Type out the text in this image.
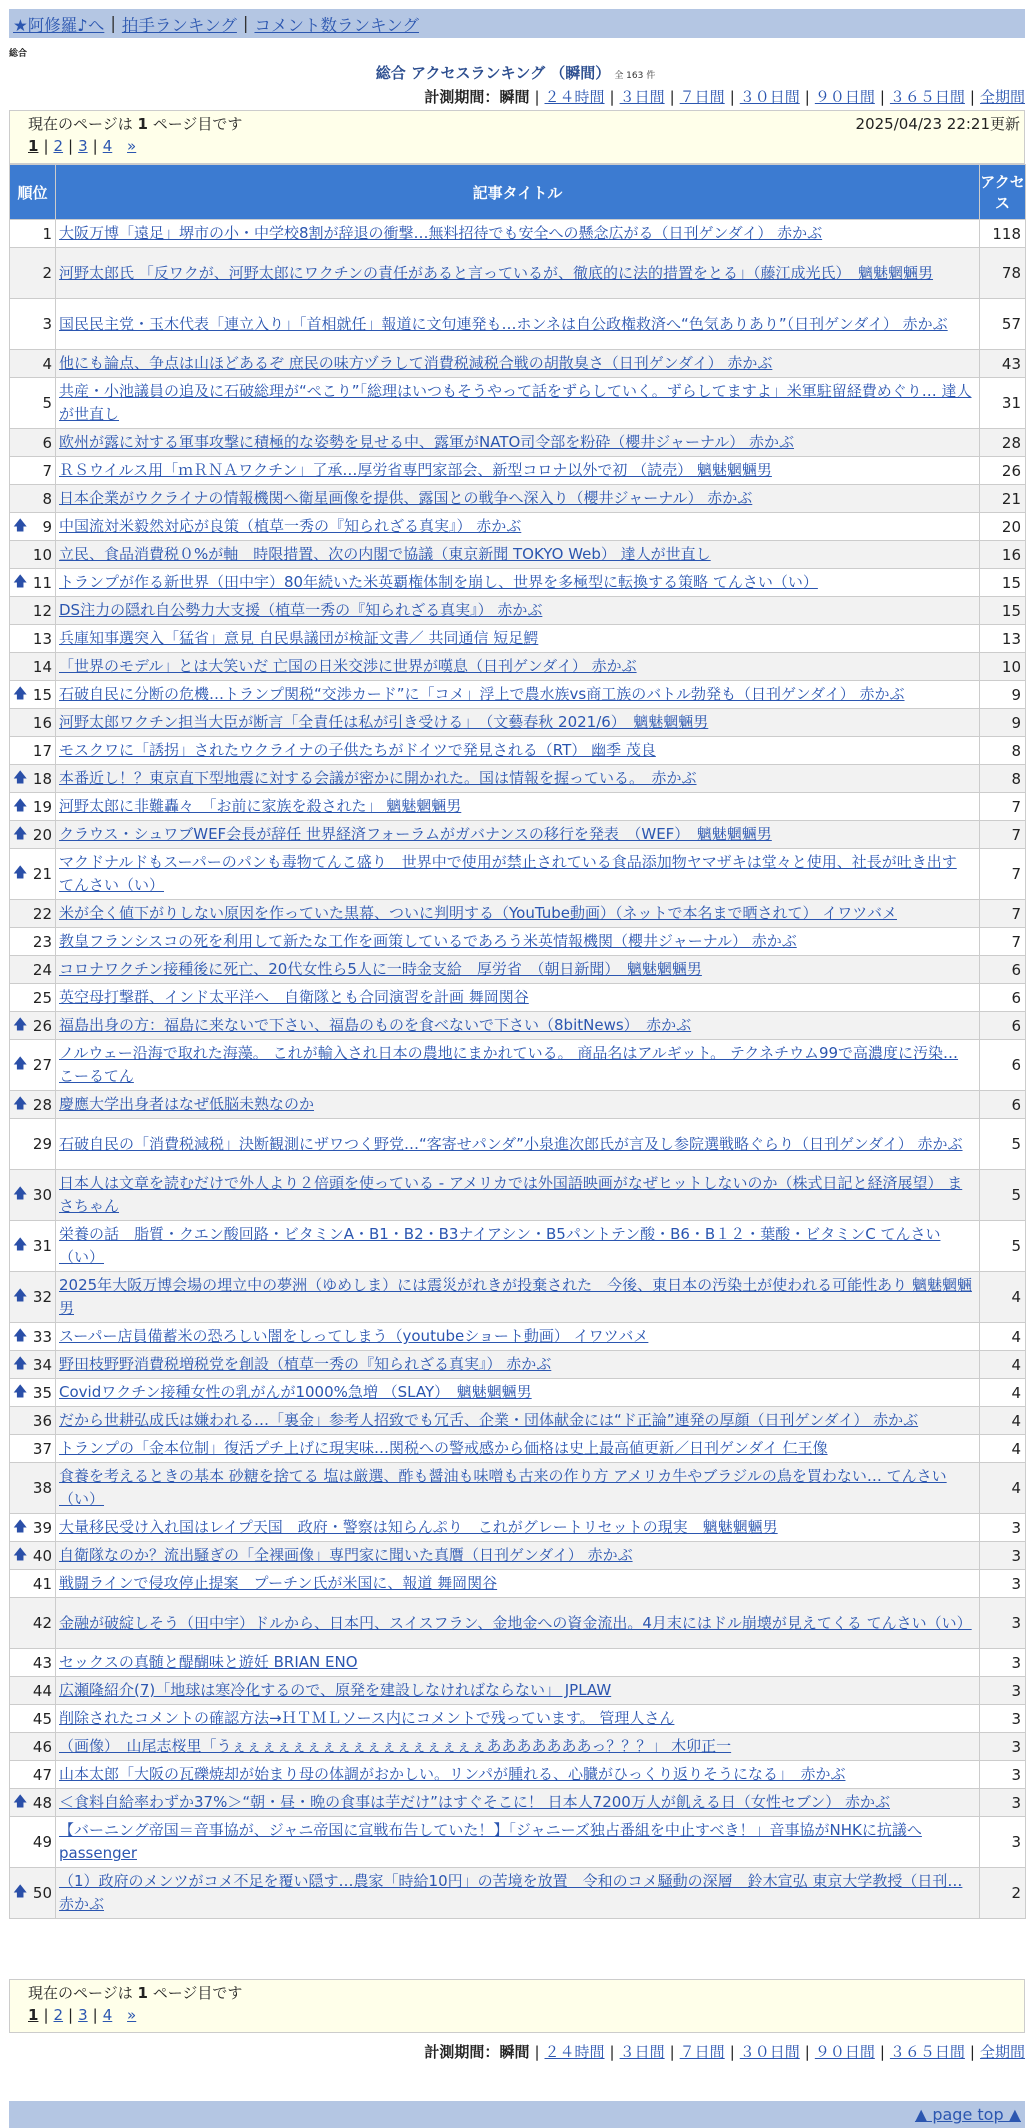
★阿修羅♪へ | 拍手ランキング | コメント数ランキング
総合
総合 アクセスランキング （瞬間） 全 163 件
計測期間：瞬間 | ２４時間 | ３日間 | ７日間 | ３０日間 | ９０日間 | ３６５日間 | 全期間
現在のページは 1 ページ目です	2025/04/23 22:21更新
1 | 2 | 3 | 4 »
順位	記事タイトル	アクセス
1	大阪万博「遠足」堺市の小・中学校8割が辞退の衝撃…無料招待でも安全への懸念広がる（日刊ゲンダイ） 赤かぶ	118
2	河野太郎氏 「反ワクが、河野太郎にワクチンの責任があると言っているが、徹底的に法的措置をとる」（藤江成光氏）　魑魅魍魎男	78
3	国民民主党・玉木代表「連立入り」「首相就任」報道に文句連発も…ホンネは自公政権救済へ“色気ありあり”（日刊ゲンダイ） 赤かぶ	57
4	他にも論点、争点は山ほどあるぞ 庶民の味方ヅラして消費税減税合戦の胡散臭さ（日刊ゲンダイ） 赤かぶ	43
5	共産・小池議員の追及に石破総理が“ぺこり”「総理はいつもそうやって話をずらしていく。ずらしてますよ」米軍駐留経費めぐり… 達人が世直し	31
6	欧州が露に対する軍事攻撃に積極的な姿勢を見せる中、露軍がNATO司令部を粉砕（櫻井ジャーナル） 赤かぶ	28
7	ＲＳウイルス用「ｍＲＮＡワクチン」了承…厚労省専門家部会、新型コロナ以外で初 （読売） 魑魅魍魎男	26
8	日本企業がウクライナの情報機関へ衛星画像を提供、露国との戦争へ深入り（櫻井ジャーナル） 赤かぶ	21

🡅 9	中国流対米毅然対応が良策（植草一秀の『知られざる真実』） 赤かぶ	20
10	立民、食品消費税０%が軸　時限措置、次の内閣で協議（東京新聞 TOKYO Web） 達人が世直し	16

🡅 11	トランプが作る新世界（田中宇）80年続いた米英覇権体制を崩し、世界を多極型に転換する策略 てんさい（い）	15
12	DS注力の隠れ自公勢力大支援（植草一秀の『知られざる真実』） 赤かぶ	15
13	兵庫知事選突入「猛省」意見 自民県議団が検証文書／ 共同通信 短足鰐	13
14	「世界のモデル」とは大笑いだ 亡国の日米交渉に世界が嘆息（日刊ゲンダイ） 赤かぶ	10

🡅 15	石破自民に分断の危機…トランプ関税“交渉カード”に「コメ」浮上で農水族vs商工族のバトル勃発も（日刊ゲンダイ） 赤かぶ	9
16	河野太郎ワクチン担当大臣が断言「全責任は私が引き受ける」　（文藝春秋 2021/6）　魑魅魍魎男	9
17	モスクワに「誘拐」されたウクライナの子供たちがドイツで発見される（RT） 幽季 茂良	8

🡅 18	本番近し！？東京直下型地震に対する会議が密かに開かれた。国は情報を握っている。　赤かぶ	8

🡅 19	河野太郎に非難轟々　「お前に家族を殺された」 魑魅魍魎男	7

🡅 20	クラウス・シュワブWEF会長が辞任 世界経済フォーラムがガバナンスの移行を発表　（WEF）　魑魅魍魎男	7

🡅 21	マクドナルドもスーパーのパンも毒物てんこ盛り　世界中で使用が禁止されている食品添加物ヤマザキは堂々と使用、社長が吐き出す てんさい（い）	7
22	米が全く値下がりしない原因を作っていた黒幕、ついに判明する（YouTube動画）（ネットで本名まで晒されて） イワツバメ	7
23	教皇フランシスコの死を利用して新たな工作を画策しているであろう米英情報機関（櫻井ジャーナル） 赤かぶ	7
24	コロナワクチン接種後に死亡、20代女性ら5人に一時金支給　厚労省　（朝日新聞）　魑魅魍魎男	6
25	英空母打撃群、インド太平洋へ　自衛隊とも合同演習を計画 舞岡関谷	6

🡅 26	福島出身の方：福島に来ないで下さい、福島のものを食べないで下さい（8bitNews）　赤かぶ	6

🡅 27	ノルウェー沿海で取れた海藻。 これが輸入され日本の農地にまかれている。 商品名はアルギット。 テクネチウム99で高濃度に汚染… こーるてん	6

🡅 28	慶應大学出身者はなぜ低脳未熟なのか	6
29	石破自民の「消費税減税」決断観測にザワつく野党…“客寄せパンダ”小泉進次郎氏が言及し参院選戦略ぐらり（日刊ゲンダイ） 赤かぶ	5

🡅 30	日本人は文章を読むだけで外人より２倍頭を使っている - アメリカでは外国語映画がなぜヒットしないのか（株式日記と経済展望） まさちゃん	5

🡅 31	栄養の話　脂質・クエン酸回路・ビタミンA・B1・B2・B3ナイアシン・B5パントテン酸・B6・B１２・葉酸・ビタミンC てんさい（い）	5

🡅 32	2025年大阪万博会場の埋立中の夢洲（ゆめしま）には震災がれきが投棄された　今後、東日本の汚染土が使われる可能性あり 魑魅魍魎男	4

🡅 33	スーパー店員備蓄米の恐ろしい闇をしってしまう（youtubeショート動画） イワツバメ	4

🡅 34	野田枝野野消費税増税党を創設（植草一秀の『知られざる真実』） 赤かぶ	4

🡅 35	Covidワクチン接種女性の乳がんが1000%急増 （SLAY）　魑魅魍魎男	4
36	だから世耕弘成氏は嫌われる…「裏金」参考人招致でも冗舌、企業・団体献金には“ド正論”連発の厚顔（日刊ゲンダイ） 赤かぶ	4
37	トランプの「金本位制」復活プチ上げに現実味…関税への警戒感から価格は史上最高値更新／日刊ゲンダイ 仁王像	4
38	食養を考えるときの基本 砂糖を捨てる 塩は厳選、酢も醤油も味噌も古来の作り方 アメリカ牛やブラジルの鳥を買わない… てんさい（い）	4

🡅 39	大量移民受け入れ国はレイプ天国　政府・警察は知らんぷり　これがグレートリセットの現実　魑魅魍魎男	3

🡅 40	自衛隊なのか？流出騒ぎの「全裸画像」専門家に聞いた真贋（日刊ゲンダイ） 赤かぶ	3
41	戦闘ラインで侵攻停止提案　プーチン氏が米国に、報道 舞岡関谷	3
42	金融が破綻しそう（田中宇）ドルから、日本円、スイスフラン、金地金への資金流出。4月末にはドル崩壊が見えてくる てんさい（い）	3
43	セックスの真髄と醍醐味と遊妊 BRIAN ENO	3
44	広瀬隆紹介(7)「地球は寒冷化するので、原発を建設しなければならない」 JPLAW	3
45	削除されたコメントの確認方法→ＨＴＭＬソース内にコメントで残っています。 管理人さん	3
46	（画像）　山尾志桜里「うぇぇぇぇぇぇぇぇぇぇぇぇぇぇぇぇぇあああああああっ？？？」 木卯正一	3
47	山本太郎「大阪の瓦礫焼却が始まり母の体調がおかしい。リンパが腫れる、心臓がひっくり返りそうになる」　赤かぶ	3

🡅 48	＜食料自給率わずか37%＞“朝・昼・晩の食事は芋だけ”はすぐそこに！ 日本人7200万人が飢える日（女性セブン） 赤かぶ	3
49	【バーニング帝国＝音事協が、ジャニ帝国に宣戦布告していた！】「ジャニーズ独占番組を中止すべき！」音事協がNHKに抗議へ passenger	3

🡅 50	（1）政府のメンツがコメ不足を覆い隠す…農家「時給10円」の苦境を放置　令和のコメ騒動の深層　鈴木宣弘 東京大学教授（日刊… 赤かぶ	2
現在のページは 1 ページ目です
1 | 2 | 3 | 4 »
計測期間：瞬間 | ２４時間 | ３日間 | ７日間 | ３０日間 | ９０日間 | ３６５日間 | 全期間
▲ page top ▲
